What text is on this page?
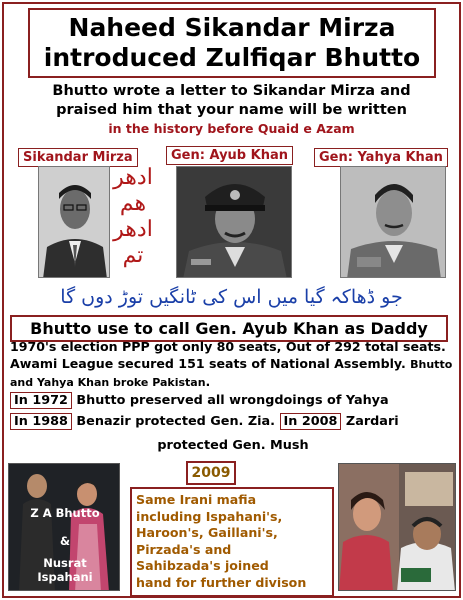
Naheed Sikandar Mirza
introduced Zulfiqar Bhutto
Bhutto wrote a letter to Sikandar Mirza and
praised him that your name will be written
in the history before Quaid e Azam
Sikandar Mirza	Gen: Ayub Khan	Gen: Yahya Khan
ادھر
ھم
ادھر
تم
جو ڈھاکہ گیا میں اس کی ٹانگیں توڑ دوں گا
Bhutto use to call Gen. Ayub Khan as Daddy
1970's election PPP got only 80 seats, Out of 292 total seats. Awami League secured 151 seats of National Assembly. Bhutto and Yahya Khan broke Pakistan.
In 1972 Bhutto preserved all wrongdoings of Yahya
In 1988 Benazir protected Gen. Zia. In 2008 Zardari
protected Gen. Mush
2009
Same Irani mafia
including Ispahani's,
Haroon's, Gaillani's,
Pirzada's and
Sahibzada's joined
hand for further divison
Z A Bhutto
&
Nusrat
Ispahani
